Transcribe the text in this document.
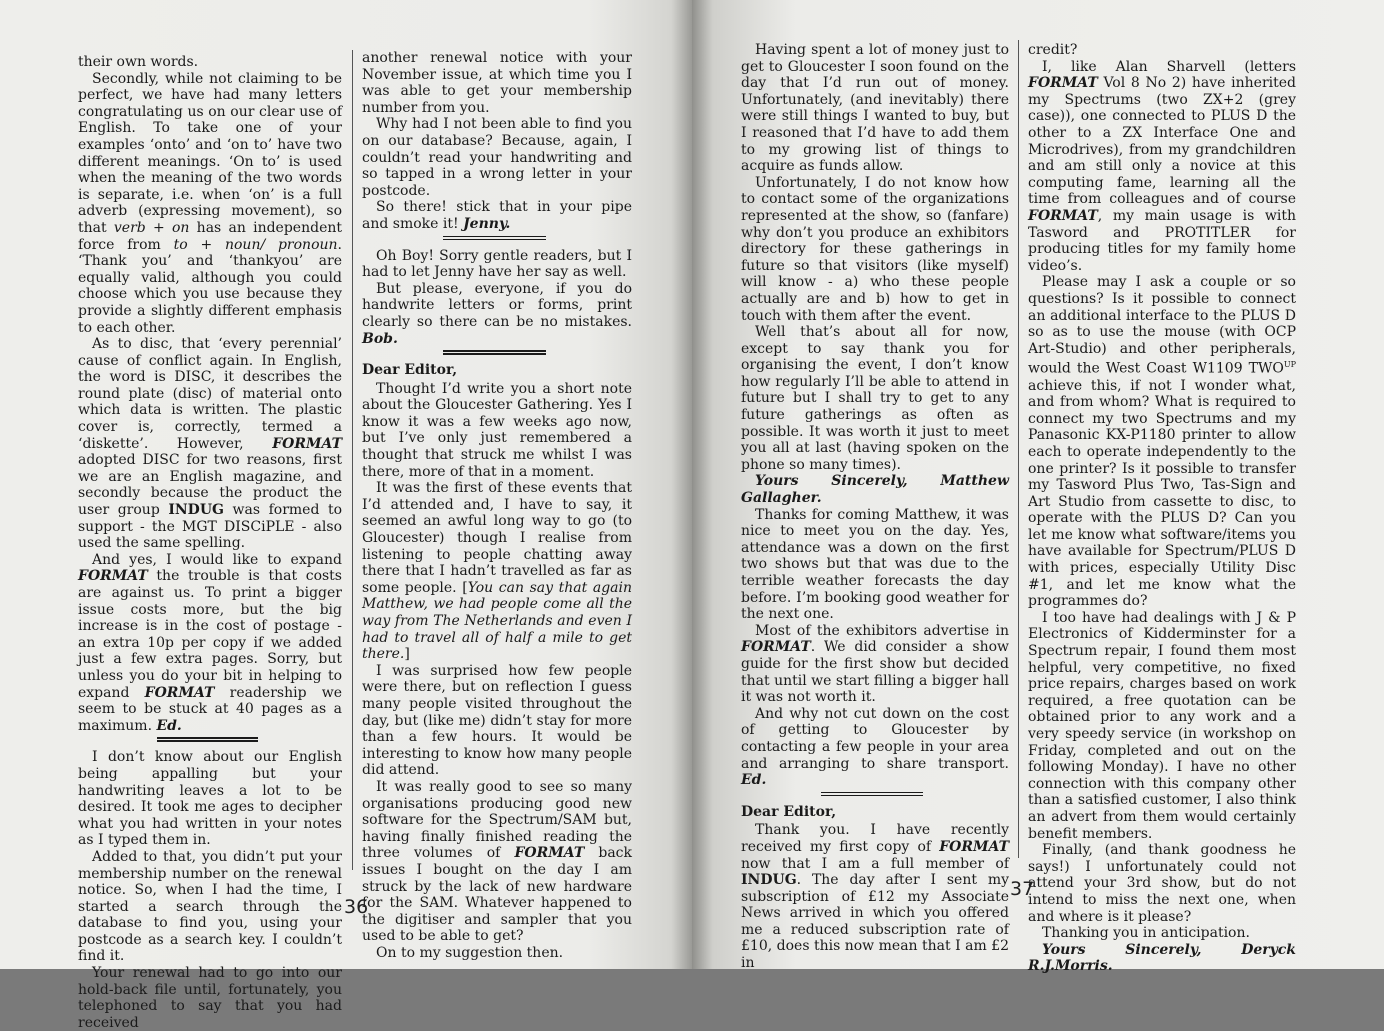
their own words.

Secondly, while not claiming to be perfect, we have had many letters congratulating us on our clear use of English. To take one of your examples ‘onto’ and ‘on to’ have two different meanings. ‘On to’ is used when the meaning of the two words is separate, i.e. when ‘on’ is a full adverb (expressing movement), so that verb + on has an independent force from to + noun/ pronoun. ‘Thank you’ and ‘thankyou’ are equally valid, although you could choose which you use because they provide a slightly different emphasis to each other.

As to disc, that ‘every perennial’ cause of conflict again. In English, the word is DISC, it describes the round plate (disc) of material onto which data is written. The plastic cover is, correctly, termed a ‘diskette’. However, FORMAT adopted DISC for two reasons, first we are an English magazine, and secondly because the product the user group INDUG was formed to support - the MGT DISCiPLE - also used the same spelling.

And yes, I would like to expand FORMAT the trouble is that costs are against us. To print a bigger issue costs more, but the big increase is in the cost of postage - an extra 10p per copy if we added just a few extra pages. Sorry, but unless you do your bit in helping to expand FORMAT readership we seem to be stuck at 40 pages as a maximum. Ed.

I don’t know about our English being appalling but your handwriting leaves a lot to be desired. It took me ages to decipher what you had written in your notes as I typed them in.

Added to that, you didn’t put your membership number on the renewal notice. So, when I had the time, I started a search through the database to find you, using your postcode as a search key. I couldn’t find it.

Your renewal had to go into our hold-back file until, fortunately, you telephoned to say that you had received

another renewal notice with your November issue, at which time you I was able to get your membership number from you.

Why had I not been able to find you on our database? Because, again, I couldn’t read your handwriting and so tapped in a wrong letter in your postcode.

So there! stick that in your pipe and smoke it! Jenny.

Oh Boy! Sorry gentle readers, but I had to let Jenny have her say as well.

But please, everyone, if you do handwrite letters or forms, print clearly so there can be no mistakes. Bob.

Dear Editor,

Thought I’d write you a short note about the Gloucester Gathering. Yes I know it was a few weeks ago now, but I’ve only just remembered a thought that struck me whilst I was there, more of that in a moment.

It was the first of these events that I’d attended and, I have to say, it seemed an awful long way to go (to Gloucester) though I realise from listening to people chatting away there that I hadn’t travelled as far as some people. [You can say that again Matthew, we had people come all the way from The Netherlands and even I had to travel all of half a mile to get there.]

I was surprised how few people were there, but on reflection I guess many people visited throughout the day, but (like me) didn’t stay for more than a few hours. It would be interesting to know how many people did attend.

It was really good to see so many organisations producing good new software for the Spectrum/SAM but, having finally finished reading the three volumes of FORMAT back issues I bought on the day I am struck by the lack of new hardware for the SAM. Whatever happened to the digitiser and sampler that you used to be able to get?

On to my suggestion then.

36

Having spent a lot of money just to get to Gloucester I soon found on the day that I’d run out of money. Unfortunately, (and inevitably) there were still things I wanted to buy, but I reasoned that I’d have to add them to my growing list of things to acquire as funds allow.

Unfortunately, I do not know how to contact some of the organizations represented at the show, so (fanfare) why don’t you produce an exhibitors directory for these gatherings in future so that visitors (like myself) will know - a) who these people actually are and b) how to get in touch with them after the event.

Well that’s about all for now, except to say thank you for organising the event, I don’t know how regularly I’ll be able to attend in future but I shall try to get to any future gatherings as often as possible. It was worth it just to meet you all at last (having spoken on the phone so many times).

Yours Sincerely, Matthew Gallagher.

Thanks for coming Matthew, it was nice to meet you on the day. Yes, attendance was a down on the first two shows but that was due to the terrible weather forecasts the day before. I’m booking good weather for the next one.

Most of the exhibitors advertise in FORMAT. We did consider a show guide for the first show but decided that until we start filling a bigger hall it was not worth it.

And why not cut down on the cost of getting to Gloucester by contacting a few people in your area and arranging to share transport. Ed.

Dear Editor,

Thank you. I have recently received my first copy of FORMAT now that I am a full member of INDUG. The day after I sent my subscription of £12 my Associate News arrived in which you offered me a reduced subscription rate of £10, does this now mean that I am £2 in

credit?

I, like Alan Sharvell (letters FORMAT Vol 8 No 2) have inherited my Spectrums (two ZX+2 (grey case)), one connected to PLUS D the other to a ZX Interface One and Microdrives), from my grandchildren and am still only a novice at this computing fame, learning all the time from colleagues and of course FORMAT, my main usage is with Tasword and PROTITLER for producing titles for my family home video’s.

Please may I ask a couple or so questions? Is it possible to connect an additional interface to the PLUS D so as to use the mouse (with OCP Art-Studio) and other peripherals, would the West Coast W1109 $TWO^{UP}$ achieve this, if not I wonder what, and from whom? What is required to connect my two Spectrums and my Panasonic KX-P1180 printer to allow each to operate independently to the one printer? Is it possible to transfer my Tasword Plus Two, Tas-Sign and Art Studio from cassette to disc, to operate with the PLUS D? Can you let me know what software/items you have available for Spectrum/PLUS D with prices, especially Utility Disc #1, and let me know what the programmes do?

I too have had dealings with J & P Electronics of Kidderminster for a Spectrum repair, I found them most helpful, very competitive, no fixed price repairs, charges based on work required, a free quotation can be obtained prior to any work and a very speedy service (in workshop on Friday, completed and out on the following Monday). I have no other connection with this company other than a satisfied customer, I also think an advert from them would certainly benefit members.

Finally, (and thank goodness he says!) I unfortunately could not attend your 3rd show, but do not intend to miss the next one, when and where is it please?

Thanking you in anticipation.

Yours Sincerely, Deryck R.J.Morris.

37
